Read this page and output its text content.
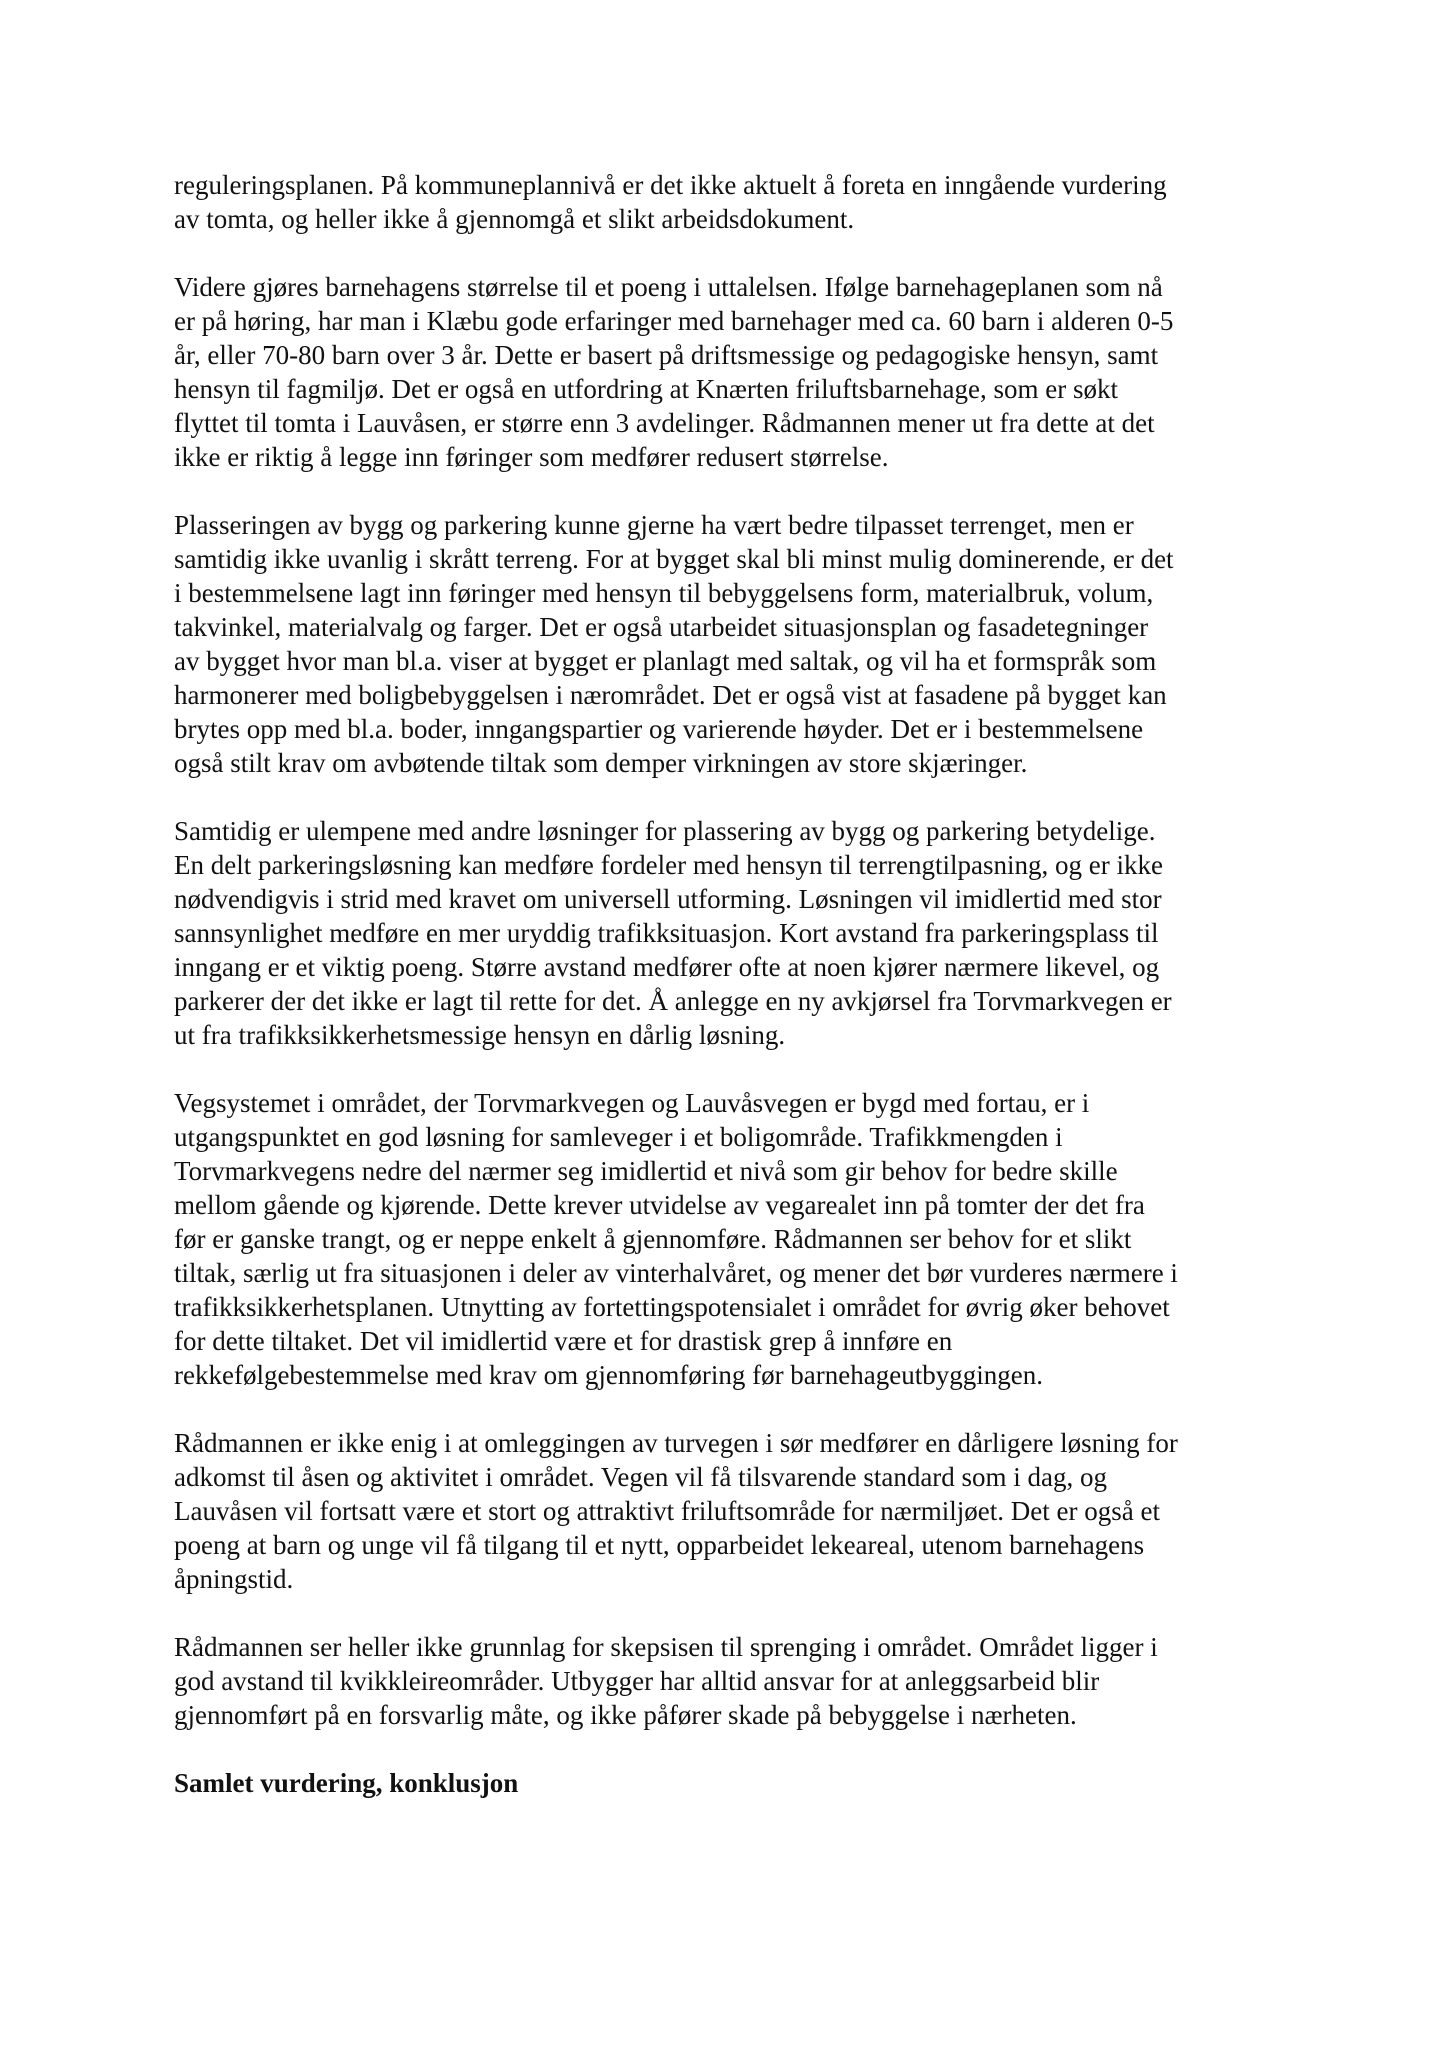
reguleringsplanen. På kommuneplannivå er det ikke aktuelt å foreta en inngående vurdering
av tomta, og heller ikke å gjennomgå et slikt arbeidsdokument.
Videre gjøres barnehagens størrelse til et poeng i uttalelsen. Ifølge barnehageplanen som nå
er på høring, har man i Klæbu gode erfaringer med barnehager med ca. 60 barn i alderen 0-5
år, eller 70-80 barn over 3 år. Dette er basert på driftsmessige og pedagogiske hensyn, samt
hensyn til fagmiljø. Det er også en utfordring at Knærten friluftsbarnehage, som er søkt
flyttet til tomta i Lauvåsen, er større enn 3 avdelinger. Rådmannen mener ut fra dette at det
ikke er riktig å legge inn føringer som medfører redusert størrelse.
Plasseringen av bygg og parkering kunne gjerne ha vært bedre tilpasset terrenget, men er
samtidig ikke uvanlig i skrått terreng. For at bygget skal bli minst mulig dominerende, er det
i bestemmelsene lagt inn føringer med hensyn til bebyggelsens form, materialbruk, volum,
takvinkel, materialvalg og farger. Det er også utarbeidet situasjonsplan og fasadetegninger
av bygget hvor man bl.a. viser at bygget er planlagt med saltak, og vil ha et formspråk som
harmonerer med boligbebyggelsen i nærområdet. Det er også vist at fasadene på bygget kan
brytes opp med bl.a. boder, inngangspartier og varierende høyder. Det er i bestemmelsene
også stilt krav om avbøtende tiltak som demper virkningen av store skjæringer.
Samtidig er ulempene med andre løsninger for plassering av bygg og parkering betydelige.
En delt parkeringsløsning kan medføre fordeler med hensyn til terrengtilpasning, og er ikke
nødvendigvis i strid med kravet om universell utforming. Løsningen vil imidlertid med stor
sannsynlighet medføre en mer uryddig trafikksituasjon. Kort avstand fra parkeringsplass til
inngang er et viktig poeng. Større avstand medfører ofte at noen kjører nærmere likevel, og
parkerer der det ikke er lagt til rette for det. Å anlegge en ny avkjørsel fra Torvmarkvegen er
ut fra trafikksikkerhetsmessige hensyn en dårlig løsning.
Vegsystemet i området, der Torvmarkvegen og Lauvåsvegen er bygd med fortau, er i
utgangspunktet en god løsning for samleveger i et boligområde. Trafikkmengden i
Torvmarkvegens nedre del nærmer seg imidlertid et nivå som gir behov for bedre skille
mellom gående og kjørende. Dette krever utvidelse av vegarealet inn på tomter der det fra
før er ganske trangt, og er neppe enkelt å gjennomføre. Rådmannen ser behov for et slikt
tiltak, særlig ut fra situasjonen i deler av vinterhalvåret, og mener det bør vurderes nærmere i
trafikksikkerhetsplanen. Utnytting av fortettingspotensialet i området for øvrig øker behovet
for dette tiltaket. Det vil imidlertid være et for drastisk grep å innføre en
rekkefølgebestemmelse med krav om gjennomføring før barnehageutbyggingen.
Rådmannen er ikke enig i at omleggingen av turvegen i sør medfører en dårligere løsning for
adkomst til åsen og aktivitet i området. Vegen vil få tilsvarende standard som i dag, og
Lauvåsen vil fortsatt være et stort og attraktivt friluftsområde for nærmiljøet. Det er også et
poeng at barn og unge vil få tilgang til et nytt, opparbeidet lekeareal, utenom barnehagens
åpningstid.
Rådmannen ser heller ikke grunnlag for skepsisen til sprenging i området. Området ligger i
god avstand til kvikkleireområder. Utbygger har alltid ansvar for at anleggsarbeid blir
gjennomført på en forsvarlig måte, og ikke påfører skade på bebyggelse i nærheten.
Samlet vurdering, konklusjon
